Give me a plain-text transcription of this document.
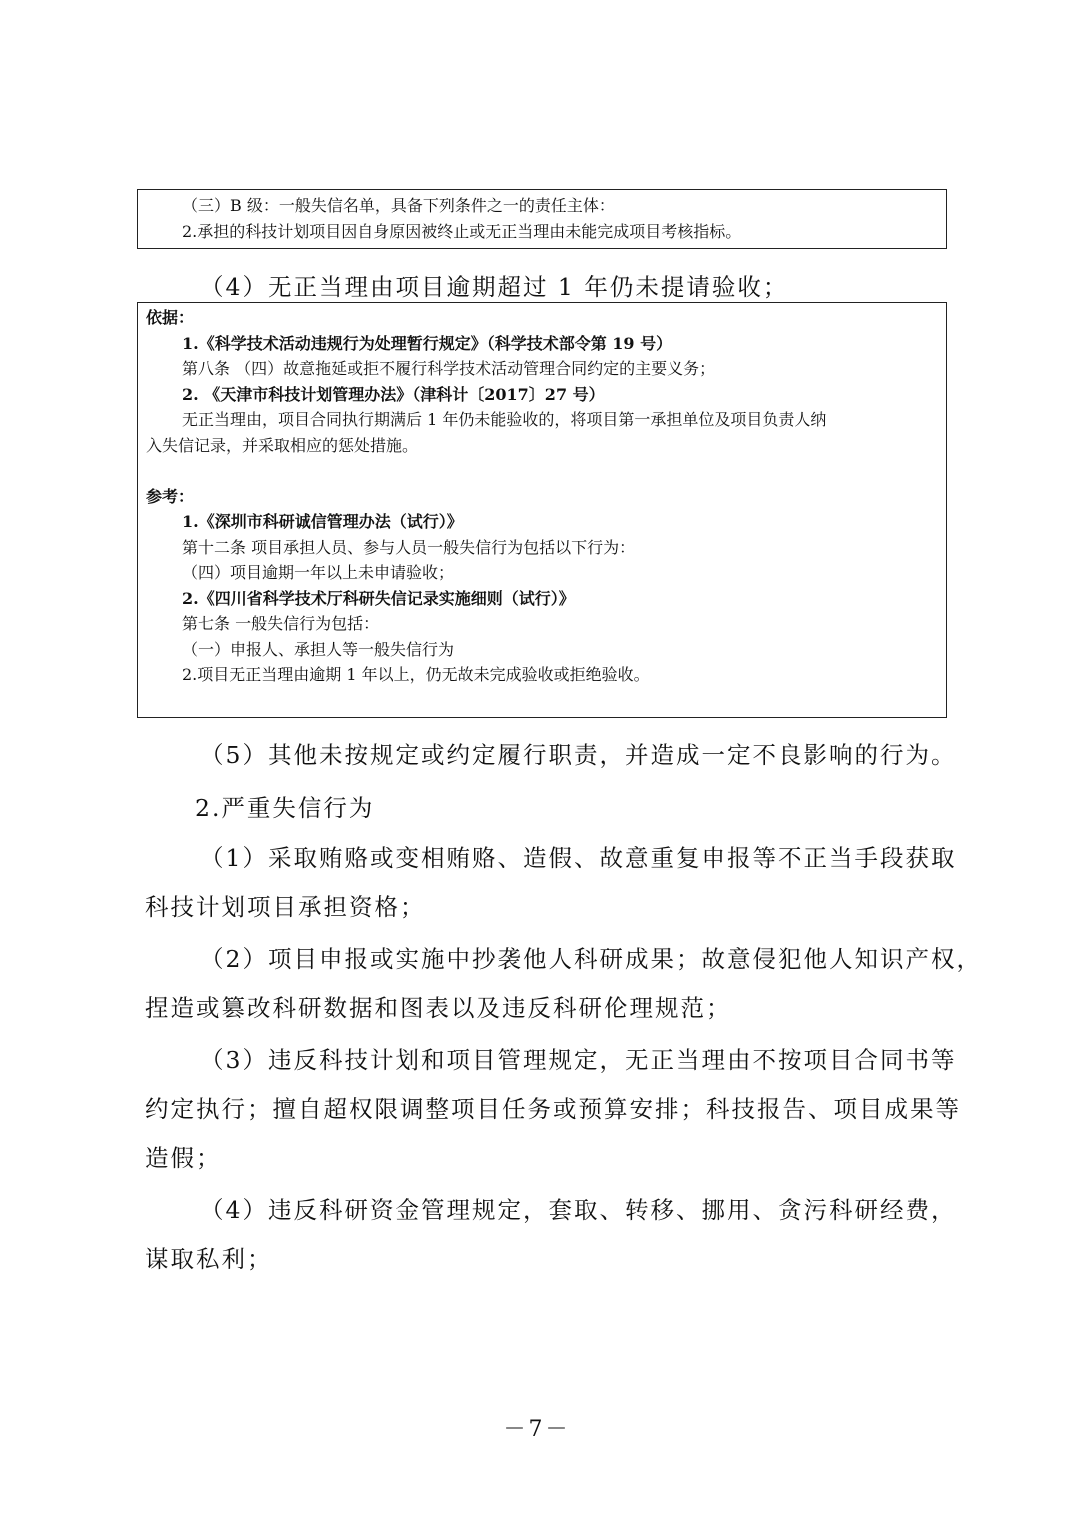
（三）B 级：一般失信名单，具备下列条件之一的责任主体：
2.承担的科技计划项目因自身原因被终止或无正当理由未能完成项目考核指标。
（4）无正当理由项目逾期超过 1 年仍未提请验收；
依据：
1.《科学技术活动违规行为处理暂行规定》（科学技术部令第 19 号）
第八条 （四）故意拖延或拒不履行科学技术活动管理合同约定的主要义务；
2. 《天津市科技计划管理办法》（津科计〔2017〕27 号）
无正当理由，项目合同执行期满后 1 年仍未能验收的，将项目第一承担单位及项目负责人纳
入失信记录，并采取相应的惩处措施。
参考：
1.《深圳市科研诚信管理办法（试行）》
第十二条 项目承担人员、参与人员一般失信行为包括以下行为：
（四）项目逾期一年以上未申请验收；
2.《四川省科学技术厅科研失信记录实施细则（试行）》
第七条 一般失信行为包括：
（一）申报人、承担人等一般失信行为
2.项目无正当理由逾期 1 年以上，仍无故未完成验收或拒绝验收。
（5）其他未按规定或约定履行职责，并造成一定不良影响的行为。
2.严重失信行为
（1）采取贿赂或变相贿赂、造假、故意重复申报等不正当手段获取
科技计划项目承担资格；
（2）项目申报或实施中抄袭他人科研成果；故意侵犯他人知识产权，
捏造或篡改科研数据和图表以及违反科研伦理规范；
（3）违反科技计划和项目管理规定，无正当理由不按项目合同书等
约定执行；擅自超权限调整项目任务或预算安排；科技报告、项目成果等
造假；
（4）违反科研资金管理规定，套取、转移、挪用、贪污科研经费，
谋取私利；
－7－
